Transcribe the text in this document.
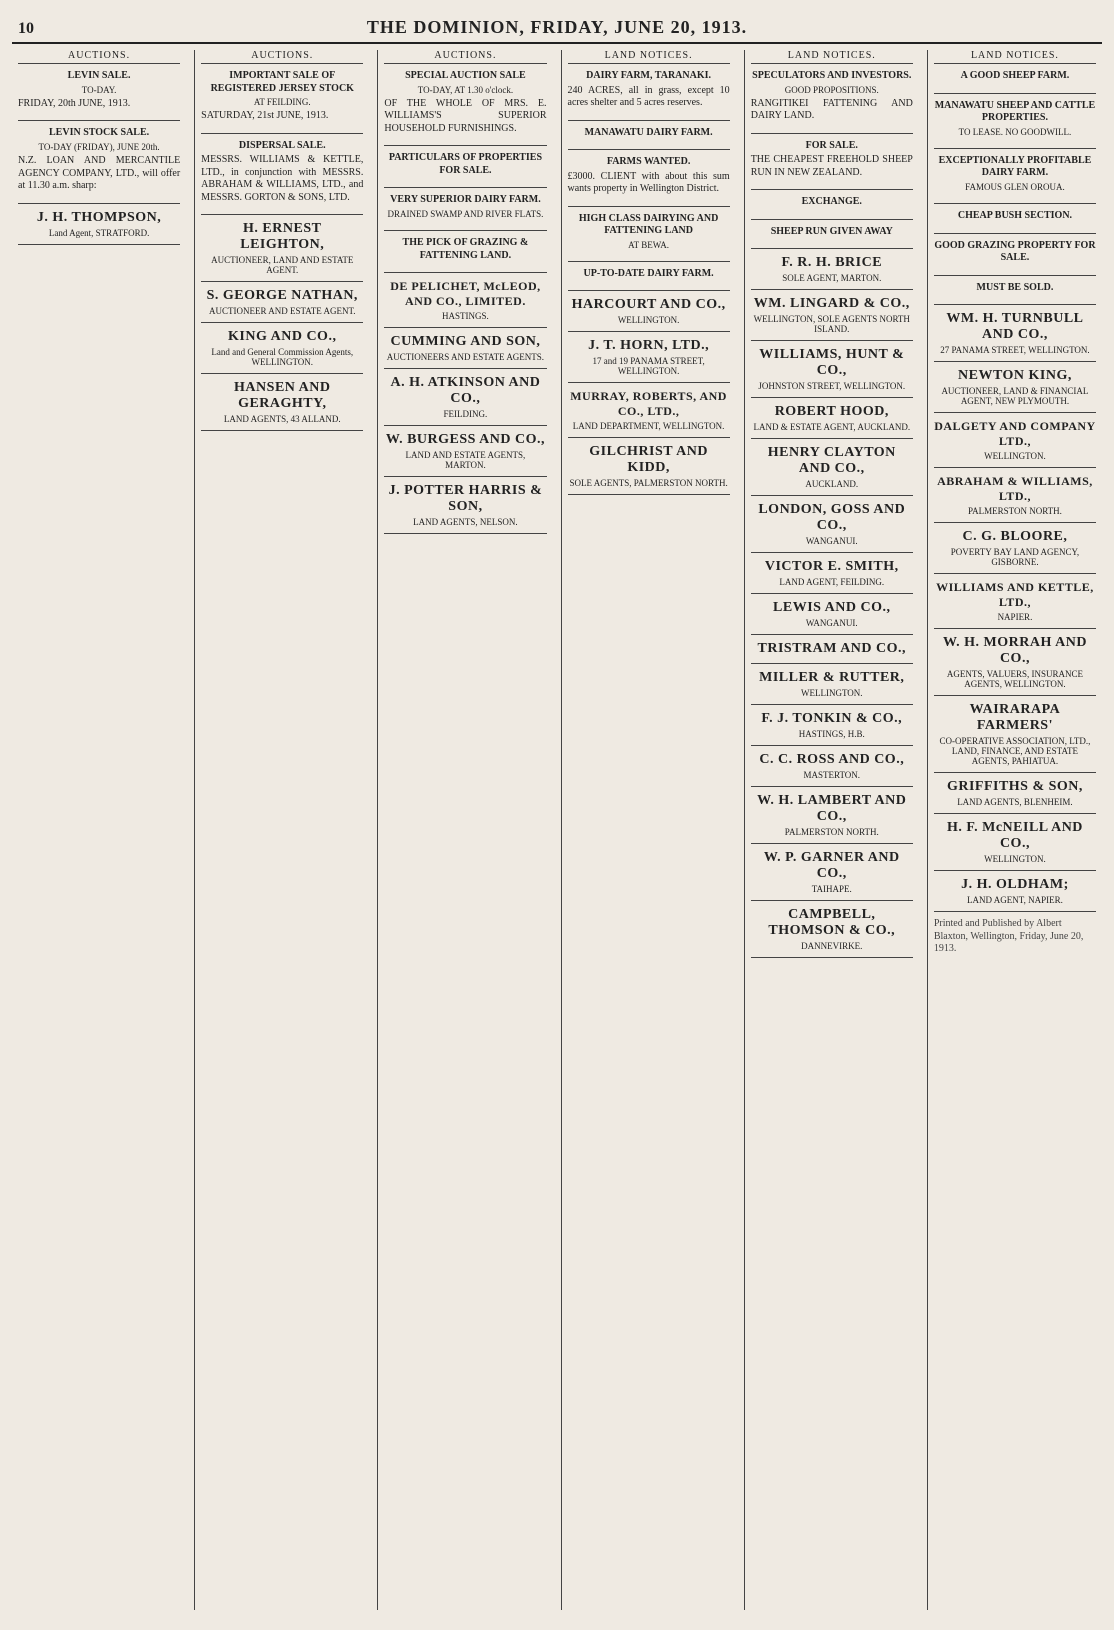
10	THE DOMINION, FRIDAY, JUNE 20, 1913.
AUCTIONS.
LEVIN SALE.
TO-DAY.
FRIDAY, 20th JUNE, 1913.
LEVIN STOCK SALE.
TO-DAY (FRIDAY), JUNE 20th.
N.Z. LOAN AND MERCANTILE AGENCY COMPANY, LTD., will offer at 11.30 a.m. sharp:
J. H. THOMPSON,
Land Agent, STRATFORD.
AUCTIONS.
IMPORTANT SALE OF REGISTERED JERSEY STOCK
AT FEILDING.
SATURDAY, 21st JUNE, 1913.
DISPERSAL SALE.
MESSRS. WILLIAMS & KETTLE, LTD., in conjunction with MESSRS. ABRAHAM & WILLIAMS, LTD., and MESSRS. GORTON & SONS, LTD.
H. ERNEST LEIGHTON,
AUCTIONEER, LAND AND ESTATE AGENT.
S. GEORGE NATHAN,
AUCTIONEER AND ESTATE AGENT.
KING AND CO.,
Land and General Commission Agents, WELLINGTON.
HANSEN AND GERAGHTY,
LAND AGENTS, 43 ALLAND.
AUCTIONS.
SPECIAL AUCTION SALE
TO-DAY, AT 1.30 o'clock.
OF THE WHOLE OF MRS. E. WILLIAMS'S SUPERIOR HOUSEHOLD FURNISHINGS.
PARTICULARS OF PROPERTIES FOR SALE.
VERY SUPERIOR DAIRY FARM.
DRAINED SWAMP AND RIVER FLATS.
THE PICK OF GRAZING & FATTENING LAND.
DE PELICHET, McLEOD, AND CO., LIMITED.
HASTINGS.
CUMMING AND SON,
AUCTIONEERS AND ESTATE AGENTS.
A. H. ATKINSON AND CO.,
FEILDING.
W. BURGESS AND CO.,
LAND AND ESTATE AGENTS, MARTON.
J. POTTER HARRIS & SON,
LAND AGENTS, NELSON.
LAND NOTICES.
DAIRY FARM, TARANAKI.
240 ACRES, all in grass, except 10 acres shelter and 5 acres reserves.
MANAWATU DAIRY FARM.
FARMS WANTED.
£3000. CLIENT with about this sum wants property in Wellington District.
HIGH CLASS DAIRYING AND FATTENING LAND
AT BEWA.
UP-TO-DATE DAIRY FARM.
HARCOURT AND CO.,
WELLINGTON.
J. T. HORN, LTD.,
17 and 19 PANAMA STREET, WELLINGTON.
MURRAY, ROBERTS, AND CO., LTD.,
LAND DEPARTMENT, WELLINGTON.
GILCHRIST AND KIDD,
SOLE AGENTS, PALMERSTON NORTH.
LAND NOTICES.
SPECULATORS AND INVESTORS.
GOOD PROPOSITIONS.
RANGITIKEI FATTENING AND DAIRY LAND.
FOR SALE.
THE CHEAPEST FREEHOLD SHEEP RUN IN NEW ZEALAND.
EXCHANGE.
SHEEP RUN GIVEN AWAY
F. R. H. BRICE
SOLE AGENT, MARTON.
WM. LINGARD & CO.,
WELLINGTON, SOLE AGENTS NORTH ISLAND.
WILLIAMS, HUNT & CO.,
JOHNSTON STREET, WELLINGTON.
ROBERT HOOD,
LAND & ESTATE AGENT, AUCKLAND.
HENRY CLAYTON AND CO.,
AUCKLAND.
LONDON, GOSS AND CO.,
WANGANUI.
VICTOR E. SMITH,
LAND AGENT, FEILDING.
LEWIS AND CO.,
WANGANUI.
TRISTRAM AND CO.,
MILLER & RUTTER,
WELLINGTON.
F. J. TONKIN & CO.,
HASTINGS, H.B.
C. C. ROSS AND CO.,
MASTERTON.
W. H. LAMBERT AND CO.,
PALMERSTON NORTH.
W. P. GARNER AND CO.,
TAIHAPE.
CAMPBELL, THOMSON & CO.,
DANNEVIRKE.
LAND NOTICES.
A GOOD SHEEP FARM.
MANAWATU SHEEP AND CATTLE PROPERTIES.
TO LEASE. NO GOODWILL.
EXCEPTIONALLY PROFITABLE DAIRY FARM.
FAMOUS GLEN OROUA.
CHEAP BUSH SECTION.
GOOD GRAZING PROPERTY FOR SALE.
MUST BE SOLD.
WM. H. TURNBULL AND CO.,
27 PANAMA STREET, WELLINGTON.
NEWTON KING,
AUCTIONEER, LAND & FINANCIAL AGENT, NEW PLYMOUTH.
DALGETY AND COMPANY LTD.,
WELLINGTON.
ABRAHAM & WILLIAMS, LTD.,
PALMERSTON NORTH.
C. G. BLOORE,
POVERTY BAY LAND AGENCY, GISBORNE.
WILLIAMS AND KETTLE, LTD.,
NAPIER.
W. H. MORRAH AND CO.,
AGENTS, VALUERS, INSURANCE AGENTS, WELLINGTON.
WAIRARAPA FARMERS'
CO-OPERATIVE ASSOCIATION, LTD., LAND, FINANCE, AND ESTATE AGENTS, PAHIATUA.
GRIFFITHS & SON,
LAND AGENTS, BLENHEIM.
H. F. McNEILL AND CO.,
WELLINGTON.
J. H. OLDHAM;
LAND AGENT, NAPIER.
Printed and Published by Albert Blaxton, Wellington, Friday, June 20, 1913.
